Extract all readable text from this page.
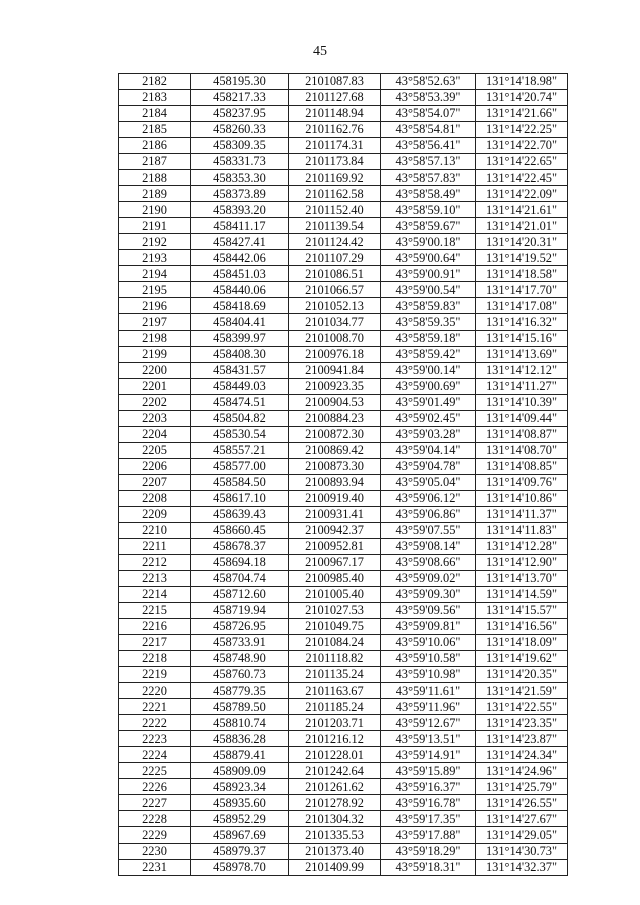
45
2182	458195.30	2101087.83	43°58'52.63"	131°14'18.98"
2183	458217.33	2101127.68	43°58'53.39"	131°14'20.74"
2184	458237.95	2101148.94	43°58'54.07"	131°14'21.66"
2185	458260.33	2101162.76	43°58'54.81"	131°14'22.25"
2186	458309.35	2101174.31	43°58'56.41"	131°14'22.70"
2187	458331.73	2101173.84	43°58'57.13"	131°14'22.65"
2188	458353.30	2101169.92	43°58'57.83"	131°14'22.45"
2189	458373.89	2101162.58	43°58'58.49"	131°14'22.09"
2190	458393.20	2101152.40	43°58'59.10"	131°14'21.61"
2191	458411.17	2101139.54	43°58'59.67"	131°14'21.01"
2192	458427.41	2101124.42	43°59'00.18"	131°14'20.31"
2193	458442.06	2101107.29	43°59'00.64"	131°14'19.52"
2194	458451.03	2101086.51	43°59'00.91"	131°14'18.58"
2195	458440.06	2101066.57	43°59'00.54"	131°14'17.70"
2196	458418.69	2101052.13	43°58'59.83"	131°14'17.08"
2197	458404.41	2101034.77	43°58'59.35"	131°14'16.32"
2198	458399.97	2101008.70	43°58'59.18"	131°14'15.16"
2199	458408.30	2100976.18	43°58'59.42"	131°14'13.69"
2200	458431.57	2100941.84	43°59'00.14"	131°14'12.12"
2201	458449.03	2100923.35	43°59'00.69"	131°14'11.27"
2202	458474.51	2100904.53	43°59'01.49"	131°14'10.39"
2203	458504.82	2100884.23	43°59'02.45"	131°14'09.44"
2204	458530.54	2100872.30	43°59'03.28"	131°14'08.87"
2205	458557.21	2100869.42	43°59'04.14"	131°14'08.70"
2206	458577.00	2100873.30	43°59'04.78"	131°14'08.85"
2207	458584.50	2100893.94	43°59'05.04"	131°14'09.76"
2208	458617.10	2100919.40	43°59'06.12"	131°14'10.86"
2209	458639.43	2100931.41	43°59'06.86"	131°14'11.37"
2210	458660.45	2100942.37	43°59'07.55"	131°14'11.83"
2211	458678.37	2100952.81	43°59'08.14"	131°14'12.28"
2212	458694.18	2100967.17	43°59'08.66"	131°14'12.90"
2213	458704.74	2100985.40	43°59'09.02"	131°14'13.70"
2214	458712.60	2101005.40	43°59'09.30"	131°14'14.59"
2215	458719.94	2101027.53	43°59'09.56"	131°14'15.57"
2216	458726.95	2101049.75	43°59'09.81"	131°14'16.56"
2217	458733.91	2101084.24	43°59'10.06"	131°14'18.09"
2218	458748.90	2101118.82	43°59'10.58"	131°14'19.62"
2219	458760.73	2101135.24	43°59'10.98"	131°14'20.35"
2220	458779.35	2101163.67	43°59'11.61"	131°14'21.59"
2221	458789.50	2101185.24	43°59'11.96"	131°14'22.55"
2222	458810.74	2101203.71	43°59'12.67"	131°14'23.35"
2223	458836.28	2101216.12	43°59'13.51"	131°14'23.87"
2224	458879.41	2101228.01	43°59'14.91"	131°14'24.34"
2225	458909.09	2101242.64	43°59'15.89"	131°14'24.96"
2226	458923.34	2101261.62	43°59'16.37"	131°14'25.79"
2227	458935.60	2101278.92	43°59'16.78"	131°14'26.55"
2228	458952.29	2101304.32	43°59'17.35"	131°14'27.67"
2229	458967.69	2101335.53	43°59'17.88"	131°14'29.05"
2230	458979.37	2101373.40	43°59'18.29"	131°14'30.73"
2231	458978.70	2101409.99	43°59'18.31"	131°14'32.37"
